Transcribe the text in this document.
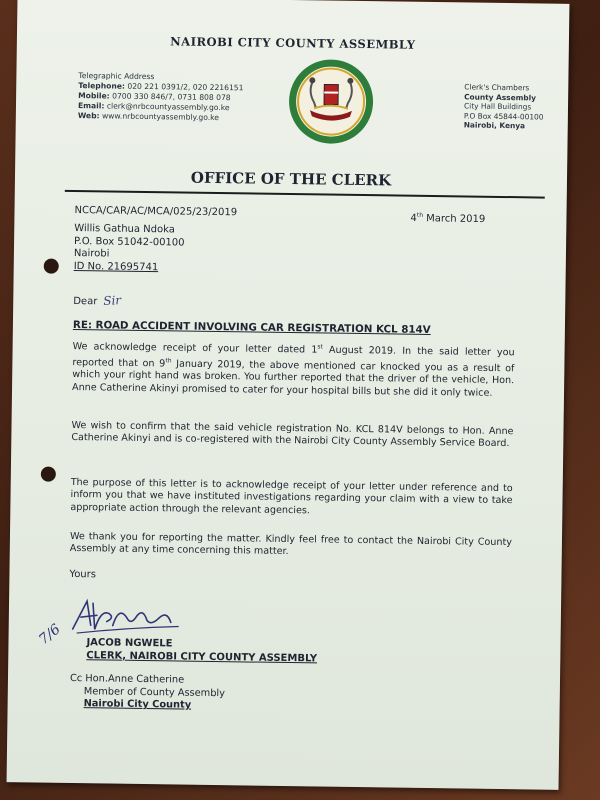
NAIROBI CITY COUNTY ASSEMBLY
Telegraphic Address
Telephone: 020 221 0391/2, 020 2216151
Mobile: 0700 330 846/7, 0731 808 078
Email: clerk@nrbcountyassembly.go.ke
Web: www.nrbcountyassembly.go.ke
Clerk's Chambers
County Assembly
City Hall Buildings
P.O Box 45844-00100
Nairobi, Kenya
OFFICE OF THE CLERK
NCCA/CAR/AC/MCA/025/23/2019
4th March 2019
Willis Gathua Ndoka
P.O. Box 51042-00100
Nairobi
ID No. 21695741
Dear Sir
RE: ROAD ACCIDENT INVOLVING CAR REGISTRATION KCL 814V
We acknowledge receipt of your letter dated 1st August 2019. In the said letter you reported that on 9th January 2019, the above mentioned car knocked you as a result of which your right hand was broken. You further reported that the driver of the vehicle, Hon. Anne Catherine Akinyi promised to cater for your hospital bills but she did it only twice.
We wish to confirm that the said vehicle registration No. KCL 814V belongs to Hon. Anne Catherine Akinyi and is co-registered with the Nairobi City County Assembly Service Board.
The purpose of this letter is to acknowledge receipt of your letter under reference and to inform you that we have instituted investigations regarding your claim with a view to take appropriate action through the relevant agencies.
We thank you for reporting the matter. Kindly feel free to contact the Nairobi City County Assembly at any time concerning this matter.
Yours
7/6 JACOB NGWELE
CLERK, NAIROBI CITY COUNTY ASSEMBLY
Cc Hon.Anne Catherine
Member of County Assembly
Nairobi City County
